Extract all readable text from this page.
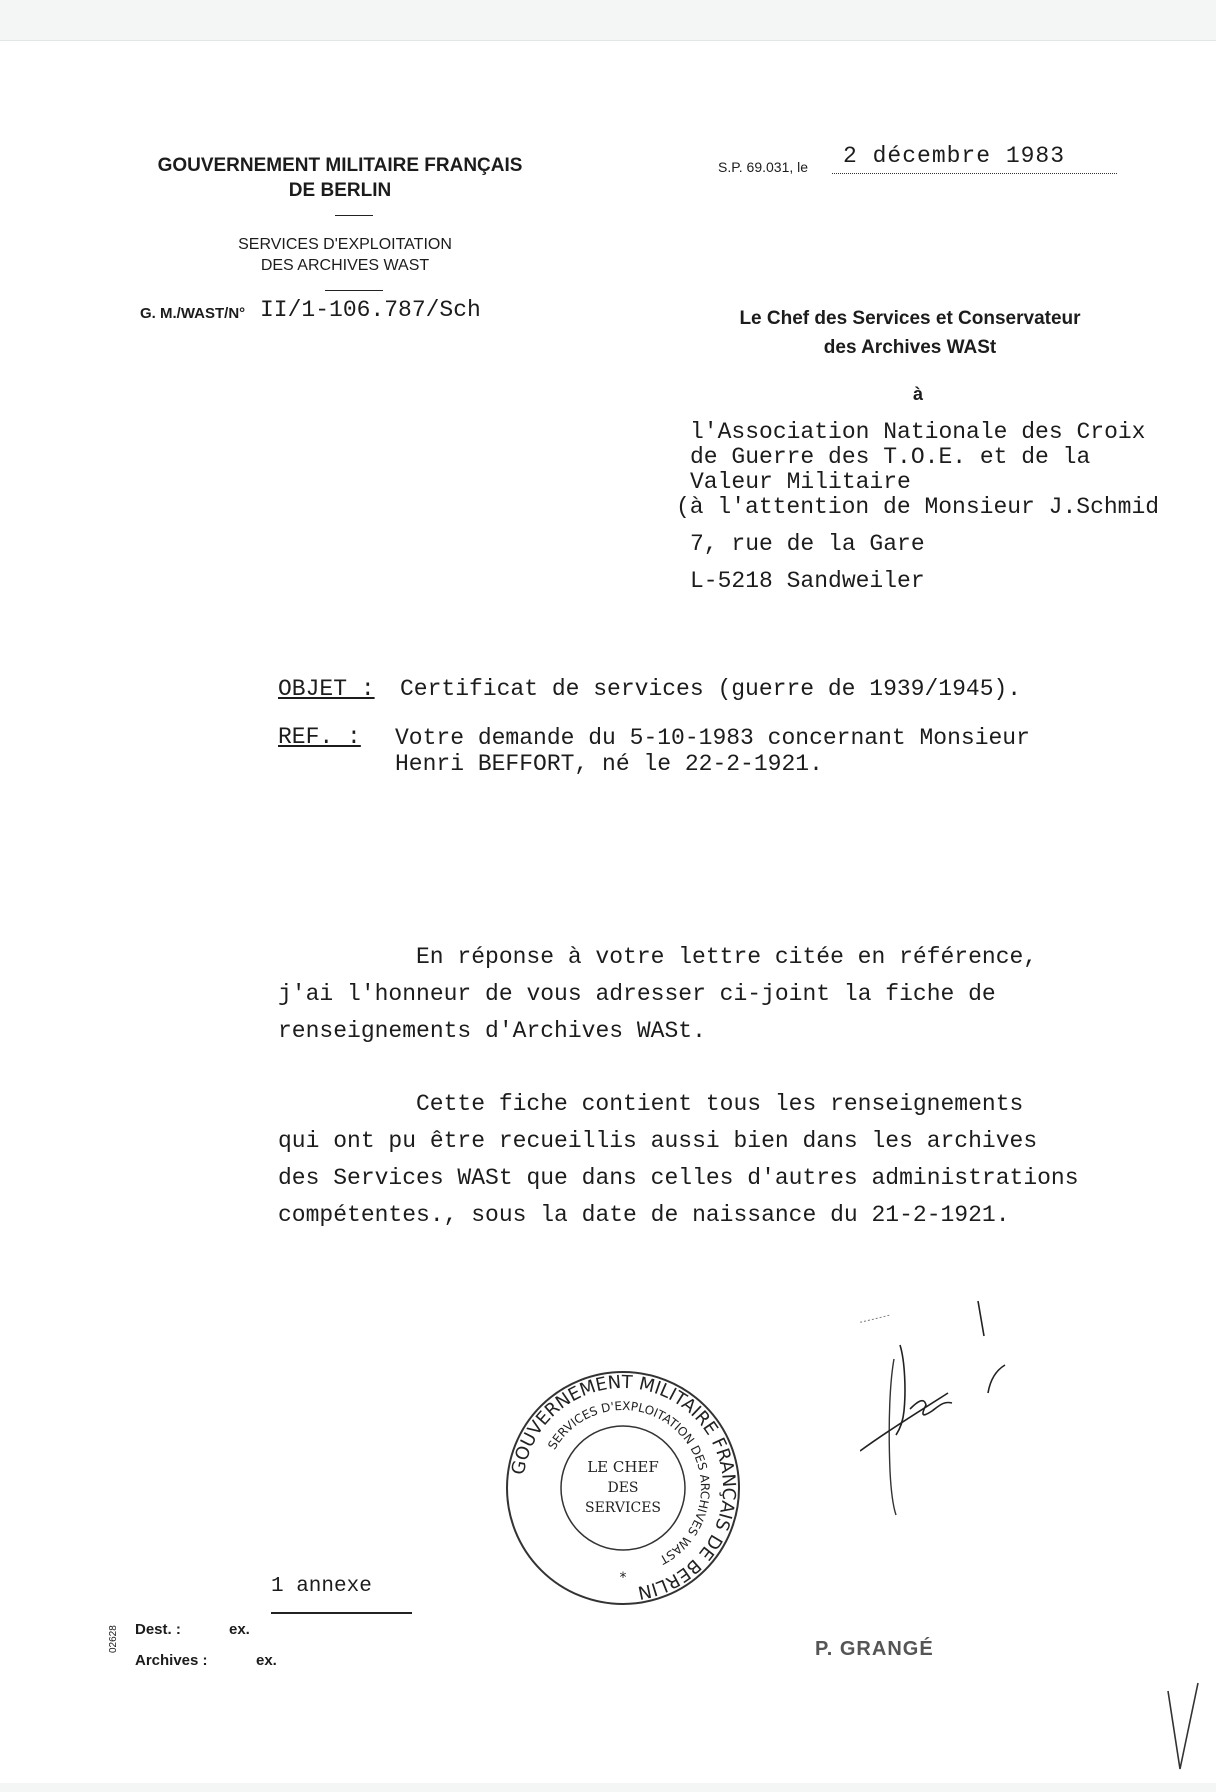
GOUVERNEMENT MILITAIRE FRANÇAIS
DE BERLIN
SERVICES D'EXPLOITATION
DES ARCHIVES WAST
G. M./WAST/N° II/1-106.787/Sch
S.P. 69.031, le 2 décembre 1983
Le Chef des Services et Conservateur
des Archives WASt
à
l'Association Nationale des Croix
de Guerre des T.O.E. et de la
Valeur Militaire
(à l'attention de Monsieur J.Schmid
7, rue de la Gare
L-5218 Sandweiler
OBJET : Certificat de services (guerre de 1939/1945).
REF. : Votre demande du 5-10-1983 concernant Monsieur
Henri BEFFORT, né le 22-2-1921.
En réponse à votre lettre citée en référence,
j'ai l'honneur de vous adresser ci-joint la fiche de
renseignements d'Archives WASt.
Cette fiche contient tous les renseignements
qui ont pu être recueillis aussi bien dans les archives
des Services WASt que dans celles d'autres administrations
compétentes., sous la date de naissance du 21-2-1921.
GOUVERNEMENT MILITAIRE FRANÇAIS DE BERLIN
SERVICES D'EXPLOITATION DES ARCHIVES WAST
LE CHEF
DES
SERVICES
*
1 annexe
Dest. :	ex.
Archives :	ex.
02628	P. GRANGÉ
